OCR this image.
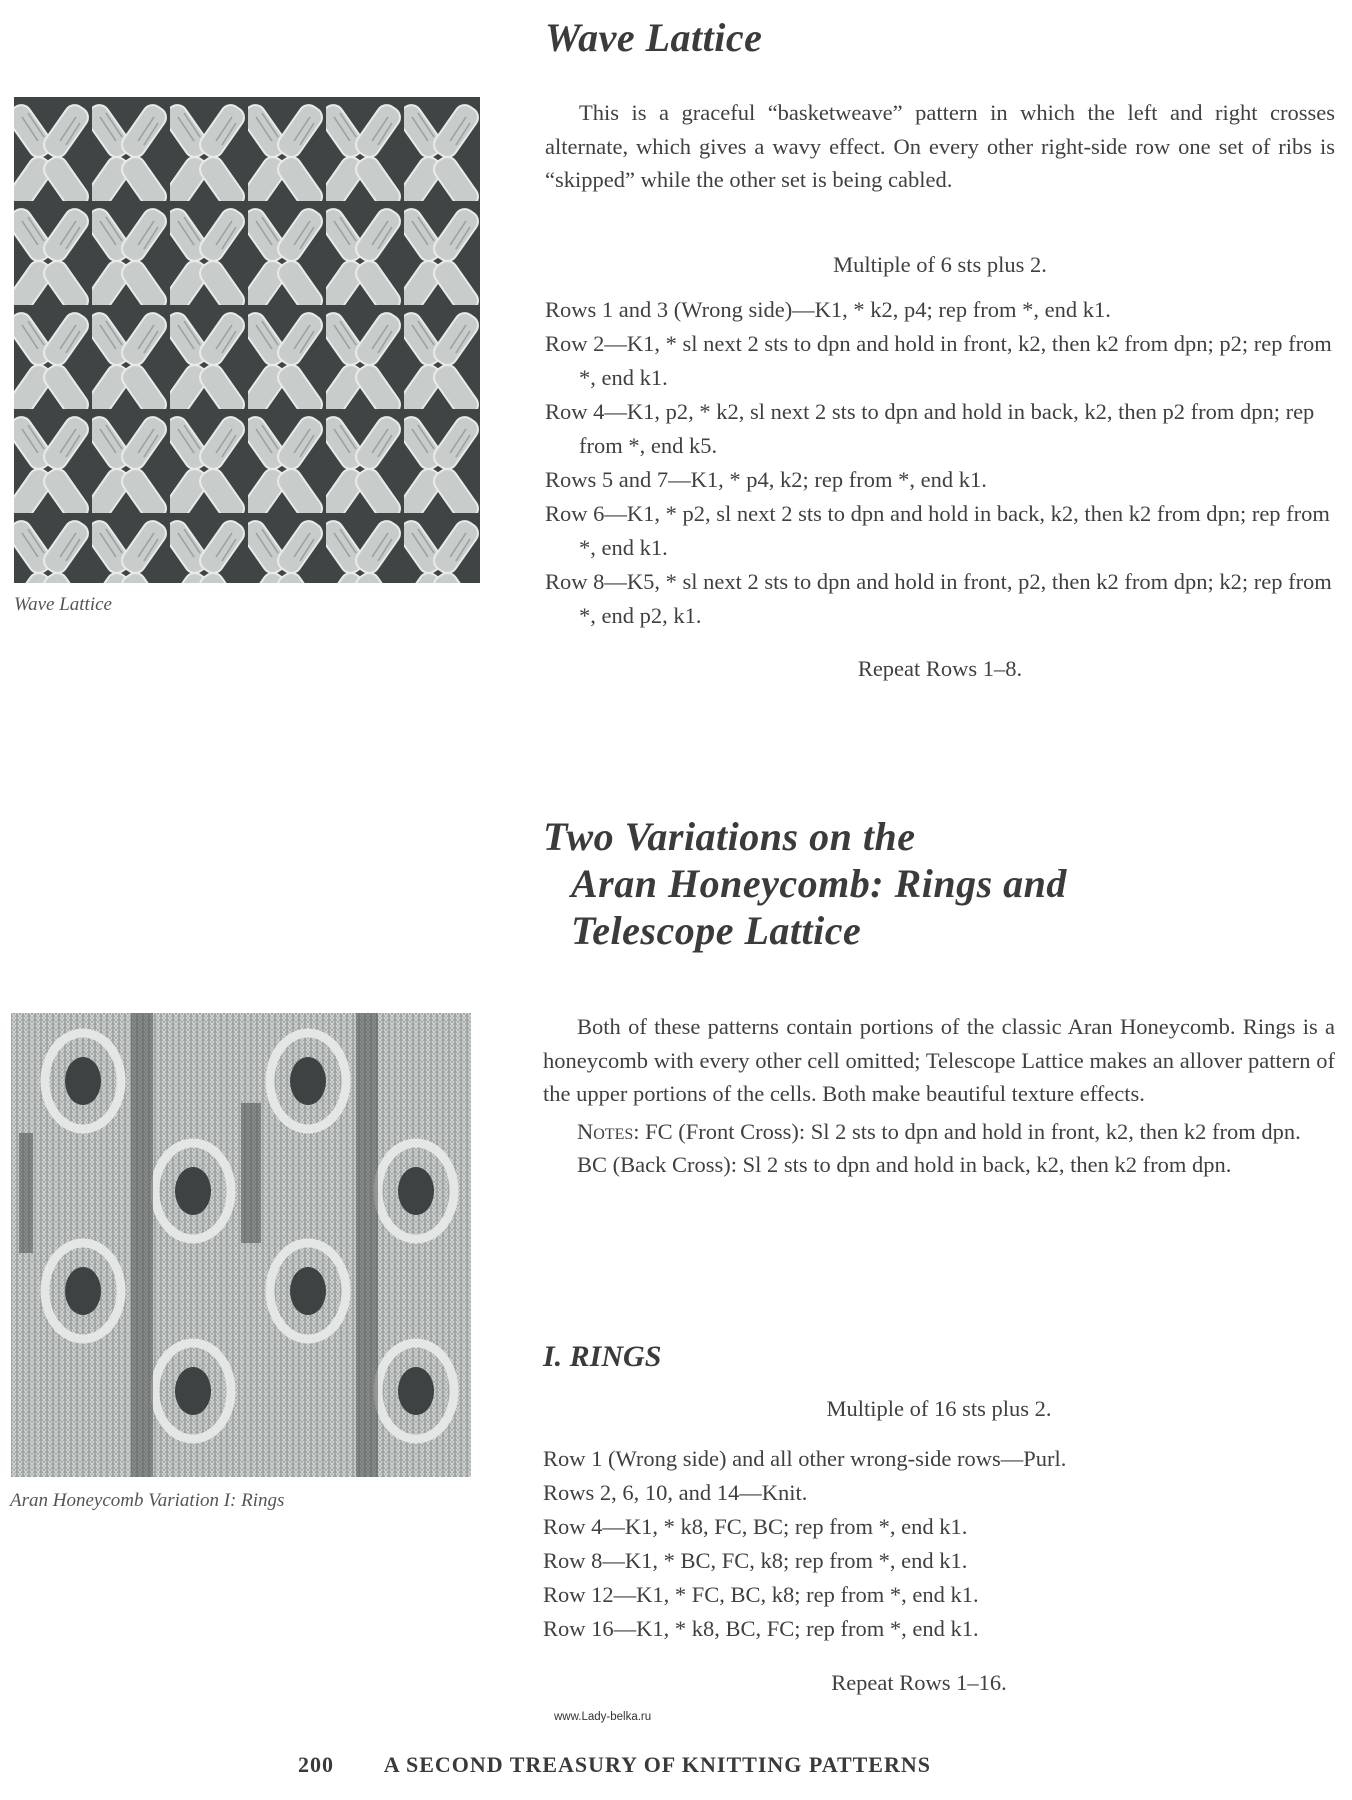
Wave Lattice
Wave Lattice

This is a graceful “basketweave” pattern in which the left and right crosses alternate, which gives a wavy effect. On every other right-side row one set of ribs is “skipped” while the other set is being cabled.

Multiple of 6 sts plus 2.
Rows 1 and 3 (Wrong side)—K1, * k2, p4; rep from *, end k1.
Row 2—K1, * sl next 2 sts to dpn and hold in front, k2, then k2 from dpn; p2; rep from *, end k1.
Row 4—K1, p2, * k2, sl next 2 sts to dpn and hold in back, k2, then p2 from dpn; rep from *, end k5.
Rows 5 and 7—K1, * p4, k2; rep from *, end k1.
Row 6—K1, * p2, sl next 2 sts to dpn and hold in back, k2, then k2 from dpn; rep from *, end k1.
Row 8—K5, * sl next 2 sts to dpn and hold in front, p2, then k2 from dpn; k2; rep from *, end p2, k1.
Repeat Rows 1–8.
Two Variations on the
Aran Honeycomb: Rings and
Telescope Lattice
Aran Honeycomb Variation I: Rings

Both of these patterns contain portions of the classic Aran Honeycomb. Rings is a honeycomb with every other cell omitted; Telescope Lattice makes an allover pattern of the upper portions of the cells. Both make beautiful texture effects.

Notes: FC (Front Cross): Sl 2 sts to dpn and hold in front, k2, then k2 from dpn.

BC (Back Cross): Sl 2 sts to dpn and hold in back, k2, then k2 from dpn.

I. RINGS
Multiple of 16 sts plus 2.
Row 1 (Wrong side) and all other wrong-side rows—Purl.
Rows 2, 6, 10, and 14—Knit.
Row 4—K1, * k8, FC, BC; rep from *, end k1.
Row 8—K1, * BC, FC, k8; rep from *, end k1.
Row 12—K1, * FC, BC, k8; rep from *, end k1.
Row 16—K1, * k8, BC, FC; rep from *, end k1.
Repeat Rows 1–16.
www.Lady-belka.ru
200 A SECOND TREASURY OF KNITTING PATTERNS
